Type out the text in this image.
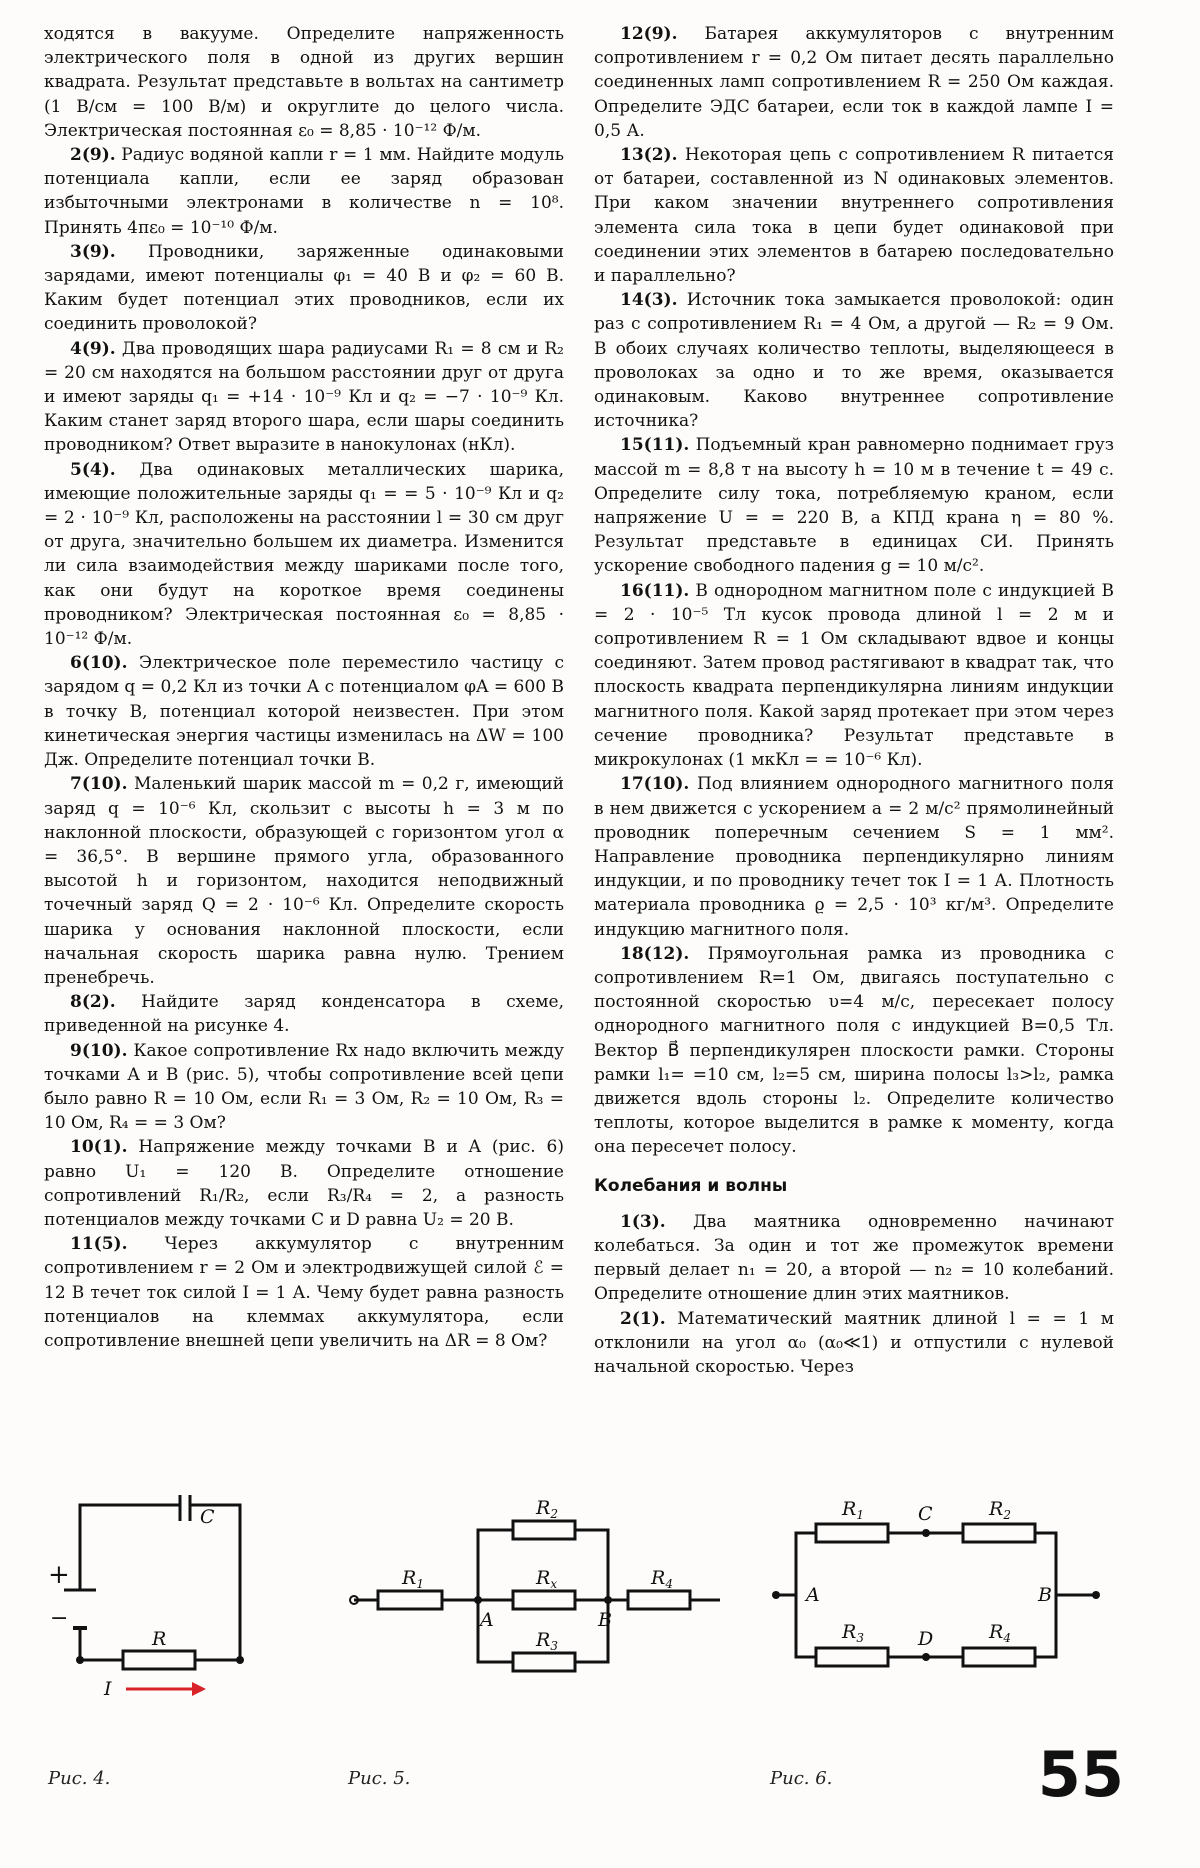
ходятся в вакууме. Определите напряженность электрического поля в одной из других вершин квадрата. Результат представьте в вольтах на сантиметр (1 В/см = 100 В/м) и округлите до целого числа. Электрическая постоянная ε₀ = 8,85 · 10⁻¹² Ф/м.

2(9). Радиус водяной капли r = 1 мм. Найдите модуль потенциала капли, если ее заряд образован избыточными электронами в количестве n = 10⁸. Принять 4πε₀ = 10⁻¹⁰ Ф/м.

3(9). Проводники, заряженные одинаковыми зарядами, имеют потенциалы φ₁ = 40 В и φ₂ = 60 В. Каким будет потенциал этих проводников, если их соединить проволокой?

4(9). Два проводящих шара радиусами R₁ = 8 см и R₂ = 20 см находятся на большом расстоянии друг от друга и имеют заряды q₁ = +14 · 10⁻⁹ Кл и q₂ = −7 · 10⁻⁹ Кл. Каким станет заряд второго шара, если шары соединить проводником? Ответ выразите в нанокулонах (нКл).

5(4). Два одинаковых металлических шарика, имеющие положительные заряды q₁ = = 5 · 10⁻⁹ Кл и q₂ = 2 · 10⁻⁹ Кл, расположены на расстоянии l = 30 см друг от друга, значительно большем их диаметра. Изменится ли сила взаимодействия между шариками после того, как они будут на короткое время соединены проводником? Электрическая постоянная ε₀ = 8,85 · 10⁻¹² Ф/м.

6(10). Электрическое поле переместило частицу с зарядом q = 0,2 Кл из точки A с потенциалом φA = 600 В в точку B, потенциал которой неизвестен. При этом кинетическая энергия частицы изменилась на ΔW = 100 Дж. Определите потенциал точки B.

7(10). Маленький шарик массой m = 0,2 г, имеющий заряд q = 10⁻⁶ Кл, скользит с высоты h = 3 м по наклонной плоскости, образующей с горизонтом угол α = 36,5°. В вершине прямого угла, образованного высотой h и горизонтом, находится неподвижный точечный заряд Q = 2 · 10⁻⁶ Кл. Определите скорость шарика у основания наклонной плоскости, если начальная скорость шарика равна нулю. Трением пренебречь.

8(2). Найдите заряд конденсатора в схеме, приведенной на рисунке 4.

9(10). Какое сопротивление Rx надо включить между точками A и B (рис. 5), чтобы сопротивление всей цепи было равно R = 10 Ом, если R₁ = 3 Ом, R₂ = 10 Ом, R₃ = 10 Ом, R₄ = = 3 Ом?

10(1). Напряжение между точками B и A (рис. 6) равно U₁ = 120 В. Определите отношение сопротивлений R₁/R₂, если R₃/R₄ = 2, а разность потенциалов между точками C и D равна U₂ = 20 В.

11(5). Через аккумулятор с внутренним сопротивлением r = 2 Ом и электродвижущей силой ℰ = 12 В течет ток силой I = 1 А. Чему будет равна разность потенциалов на клеммах аккумулятора, если сопротивление внешней цепи увеличить на ΔR = 8 Ом?

12(9). Батарея аккумуляторов с внутренним сопротивлением r = 0,2 Ом питает десять параллельно соединенных ламп сопротивлением R = 250 Ом каждая. Определите ЭДС батареи, если ток в каждой лампе I = 0,5 А.

13(2). Некоторая цепь с сопротивлением R питается от батареи, составленной из N одинаковых элементов. При каком значении внутреннего сопротивления элемента сила тока в цепи будет одинаковой при соединении этих элементов в батарею последовательно и параллельно?

14(3). Источник тока замыкается проволокой: один раз с сопротивлением R₁ = 4 Ом, а другой — R₂ = 9 Ом. В обоих случаях количество теплоты, выделяющееся в проволоках за одно и то же время, оказывается одинаковым. Каково внутреннее сопротивление источника?

15(11). Подъемный кран равномерно поднимает груз массой m = 8,8 т на высоту h = 10 м в течение t = 49 с. Определите силу тока, потребляемую краном, если напряжение U = = 220 В, а КПД крана η = 80 %. Результат представьте в единицах СИ. Принять ускорение свободного падения g = 10 м/с².

16(11). В однородном магнитном поле с индукцией B = 2 · 10⁻⁵ Тл кусок провода длиной l = 2 м и сопротивлением R = 1 Ом складывают вдвое и концы соединяют. Затем провод растягивают в квадрат так, что плоскость квадрата перпендикулярна линиям индукции магнитного поля. Какой заряд протекает при этом через сечение проводника? Результат представьте в микрокулонах (1 мкКл = = 10⁻⁶ Кл).

17(10). Под влиянием однородного магнитного поля в нем движется с ускорением a = 2 м/с² прямолинейный проводник поперечным сечением S = 1 мм². Направление проводника перпендикулярно линиям индукции, и по проводнику течет ток I = 1 А. Плотность материала проводника ϱ = 2,5 · 10³ кг/м³. Определите индукцию магнитного поля.

18(12). Прямоугольная рамка из проводника с сопротивлением R=1 Ом, двигаясь поступательно с постоянной скоростью υ=4 м/с, пересекает полосу однородного магнитного поля с индукцией B=0,5 Тл. Вектор B⃗ перпендикулярен плоскости рамки. Стороны рамки l₁= =10 см, l₂=5 см, ширина полосы l₃>l₂, рамка движется вдоль стороны l₂. Определите количество теплоты, которое выделится в рамке к моменту, когда она пересечет полосу.

Колебания и волны

1(3). Два маятника одновременно начинают колебаться. За один и тот же промежуток времени первый делает n₁ = 20, а второй — n₂ = 10 колебаний. Определите отношение длин этих маятников.

2(1). Математический маятник длиной l = = 1 м отклонили на угол α₀ (α₀≪1) и отпустили с нулевой начальной скоростью. Через

C
+
−
R
I
$R_1$
$R_2$
$R_x$
$R_3$
$R_4$
A	B
$R_1$	$R_2$
$R_3$	$R_4$
C
D
A	B
Рис. 4.	Рис. 5.	Рис. 6.	55
